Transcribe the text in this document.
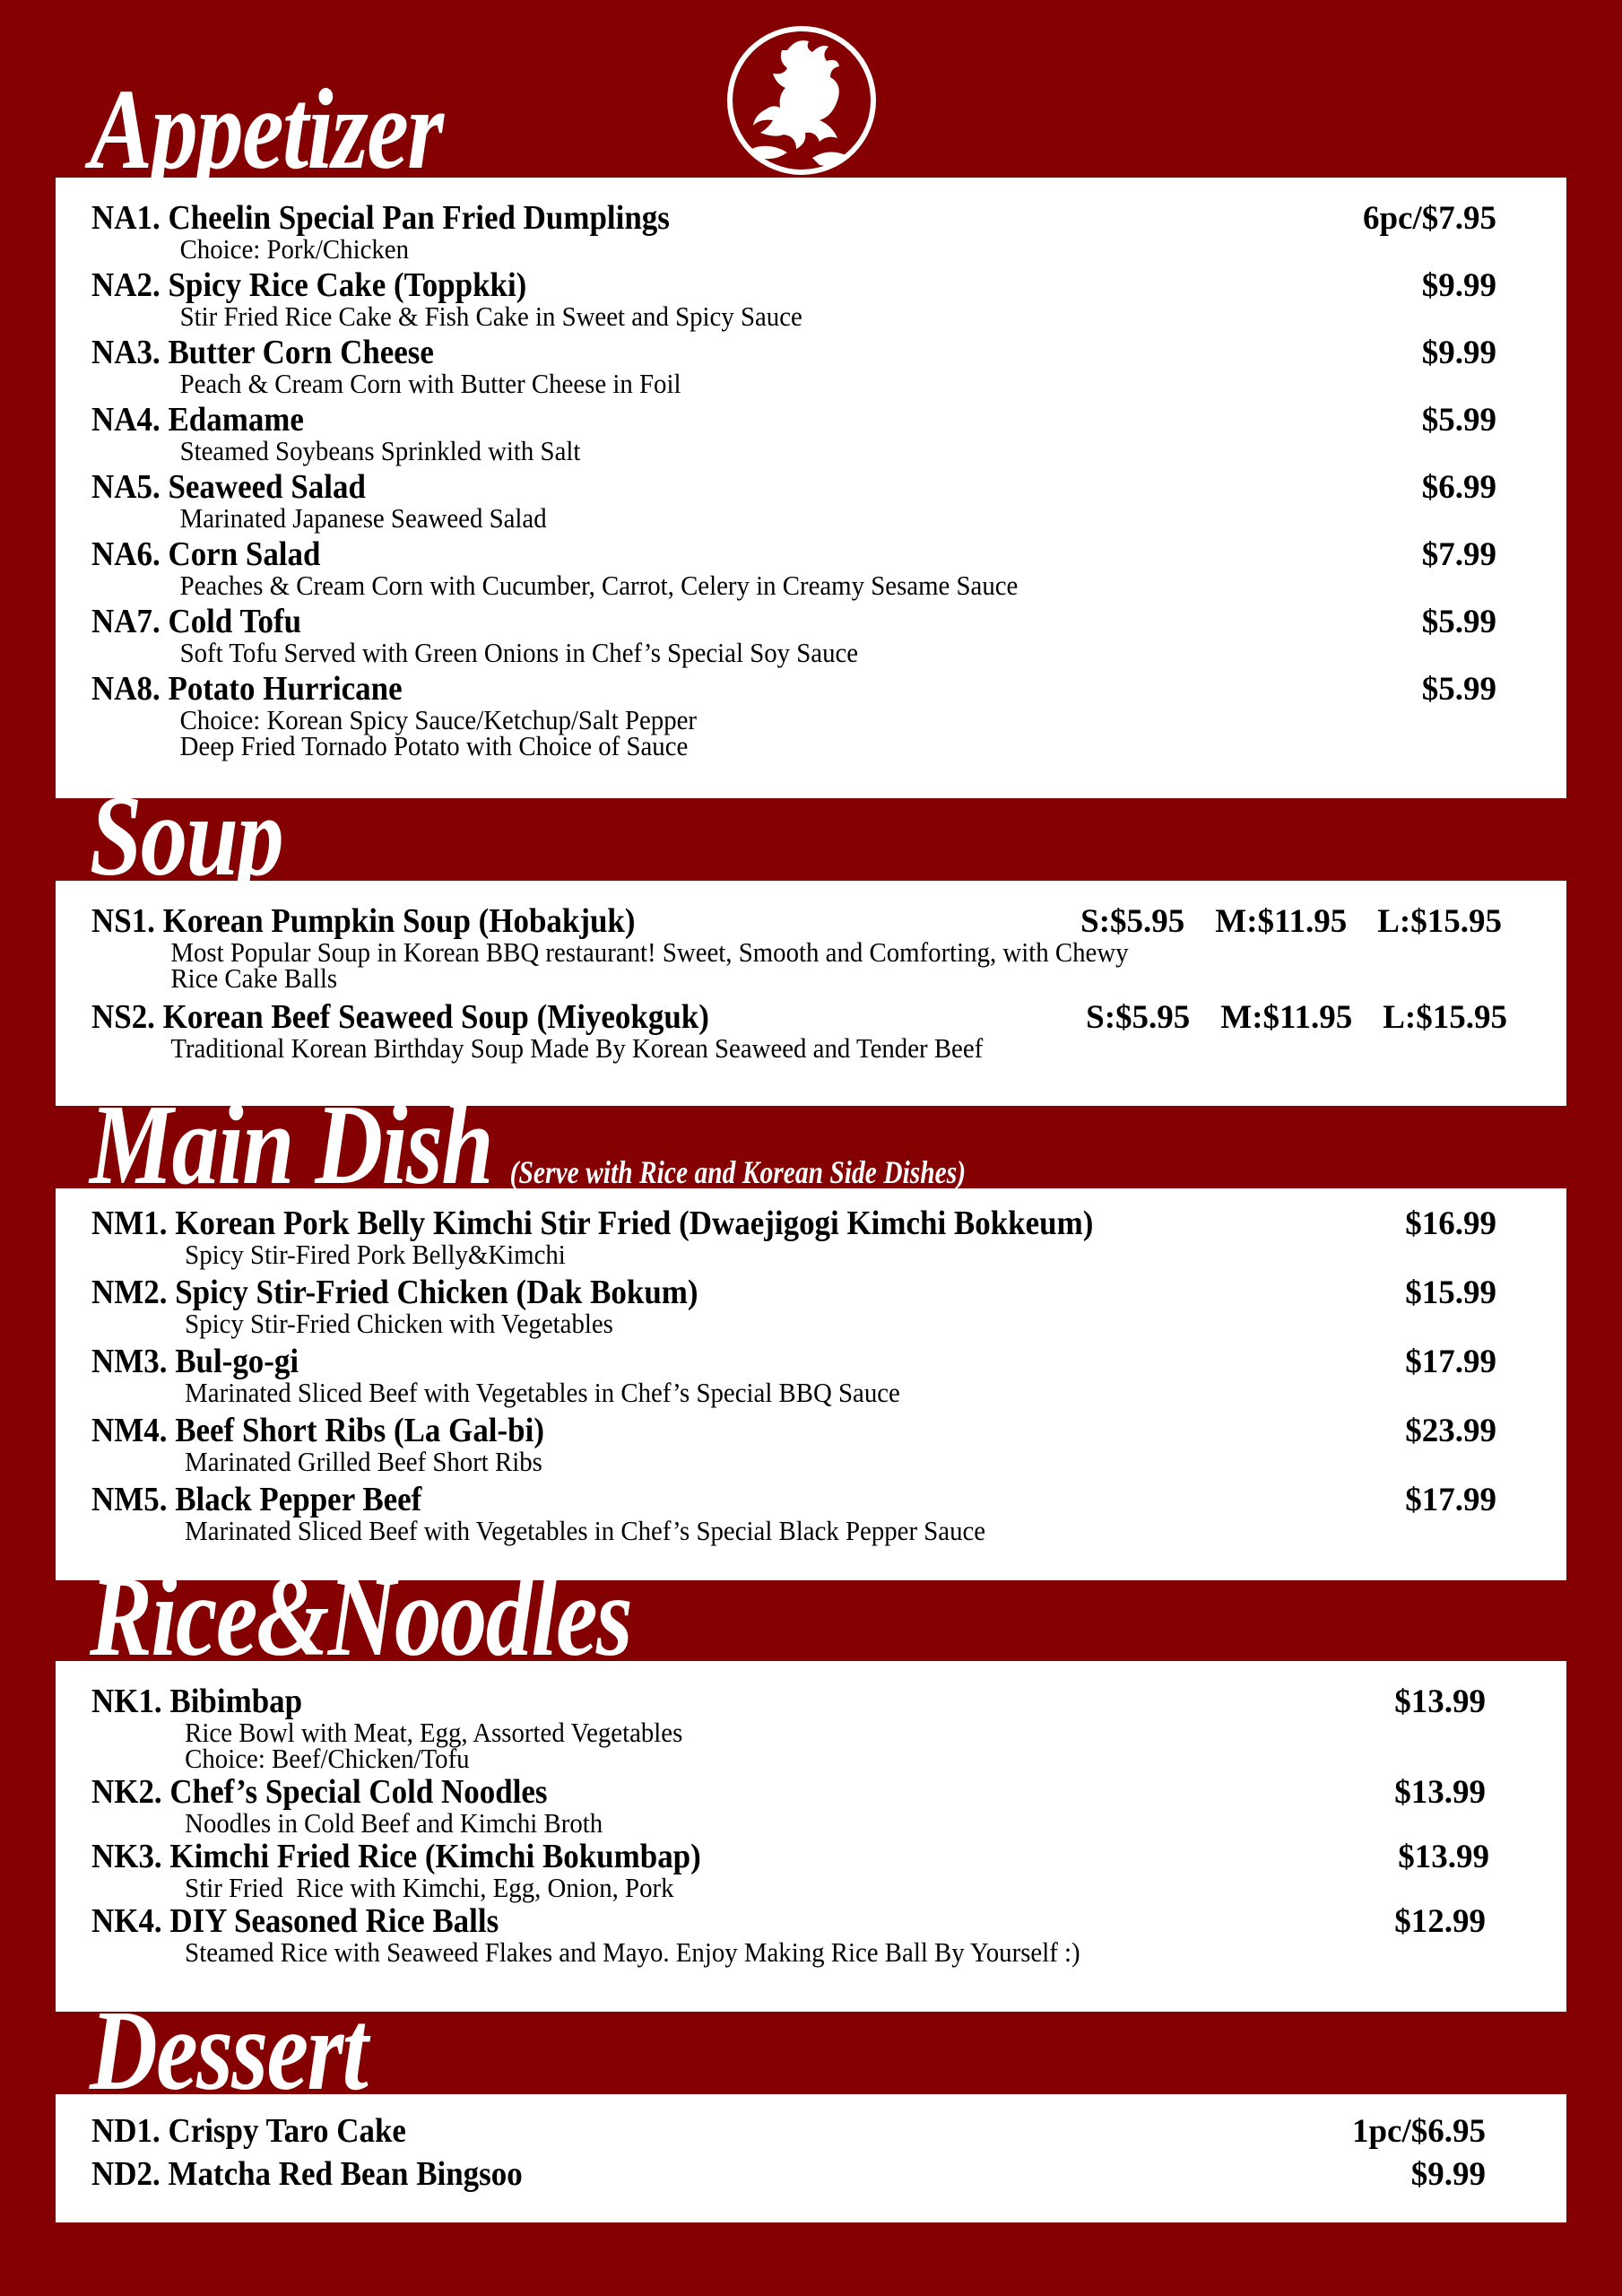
Appetizer
NA1. Cheelin Special Pan Fried Dumplings	6pc/$7.95
Choice: Pork/Chicken
NA2. Spicy Rice Cake (Toppkki)	$9.99
Stir Fried Rice Cake & Fish Cake in Sweet and Spicy Sauce
NA3. Butter Corn Cheese	$9.99
Peach & Cream Corn with Butter Cheese in Foil
NA4. Edamame	$5.99
Steamed Soybeans Sprinkled with Salt
NA5. Seaweed Salad	$6.99
Marinated Japanese Seaweed Salad
NA6. Corn Salad	$7.99
Peaches & Cream Corn with Cucumber, Carrot, Celery in Creamy Sesame Sauce
NA7. Cold Tofu	$5.99
Soft Tofu Served with Green Onions in Chef’s Special Soy Sauce
NA8. Potato Hurricane	$5.99
Choice: Korean Spicy Sauce/Ketchup/Salt Pepper
Deep Fried Tornado Potato with Choice of Sauce
Soup
NS1. Korean Pumpkin Soup (Hobakjuk)	S:$5.95 M:$11.95 L:$15.95
Most Popular Soup in Korean BBQ restaurant! Sweet, Smooth and Comforting, with Chewy
Rice Cake Balls
NS2. Korean Beef Seaweed Soup (Miyeokguk)	S:$5.95 M:$11.95 L:$15.95
Traditional Korean Birthday Soup Made By Korean Seaweed and Tender Beef
Main Dish (Serve with Rice and Korean Side Dishes)
NM1. Korean Pork Belly Kimchi Stir Fried (Dwaejigogi Kimchi Bokkeum)	$16.99
Spicy Stir-Fired Pork Belly&Kimchi
NM2. Spicy Stir-Fried Chicken (Dak Bokum)	$15.99
Spicy Stir-Fried Chicken with Vegetables
NM3. Bul-go-gi	$17.99
Marinated Sliced Beef with Vegetables in Chef’s Special BBQ Sauce
NM4. Beef Short Ribs (La Gal-bi)	$23.99
Marinated Grilled Beef Short Ribs
NM5. Black Pepper Beef	$17.99
Marinated Sliced Beef with Vegetables in Chef’s Special Black Pepper Sauce
Rice&Noodles
NK1. Bibimbap	$13.99
Rice Bowl with Meat, Egg, Assorted Vegetables
Choice: Beef/Chicken/Tofu
NK2. Chef’s Special Cold Noodles	$13.99
Noodles in Cold Beef and Kimchi Broth
NK3. Kimchi Fried Rice (Kimchi Bokumbap)	$13.99
Stir Fried  Rice with Kimchi, Egg, Onion, Pork
NK4. DIY Seasoned Rice Balls	$12.99
Steamed Rice with Seaweed Flakes and Mayo. Enjoy Making Rice Ball By Yourself :)
Dessert
ND1. Crispy Taro Cake	1pc/$6.95
ND2. Matcha Red Bean Bingsoo	$9.99
